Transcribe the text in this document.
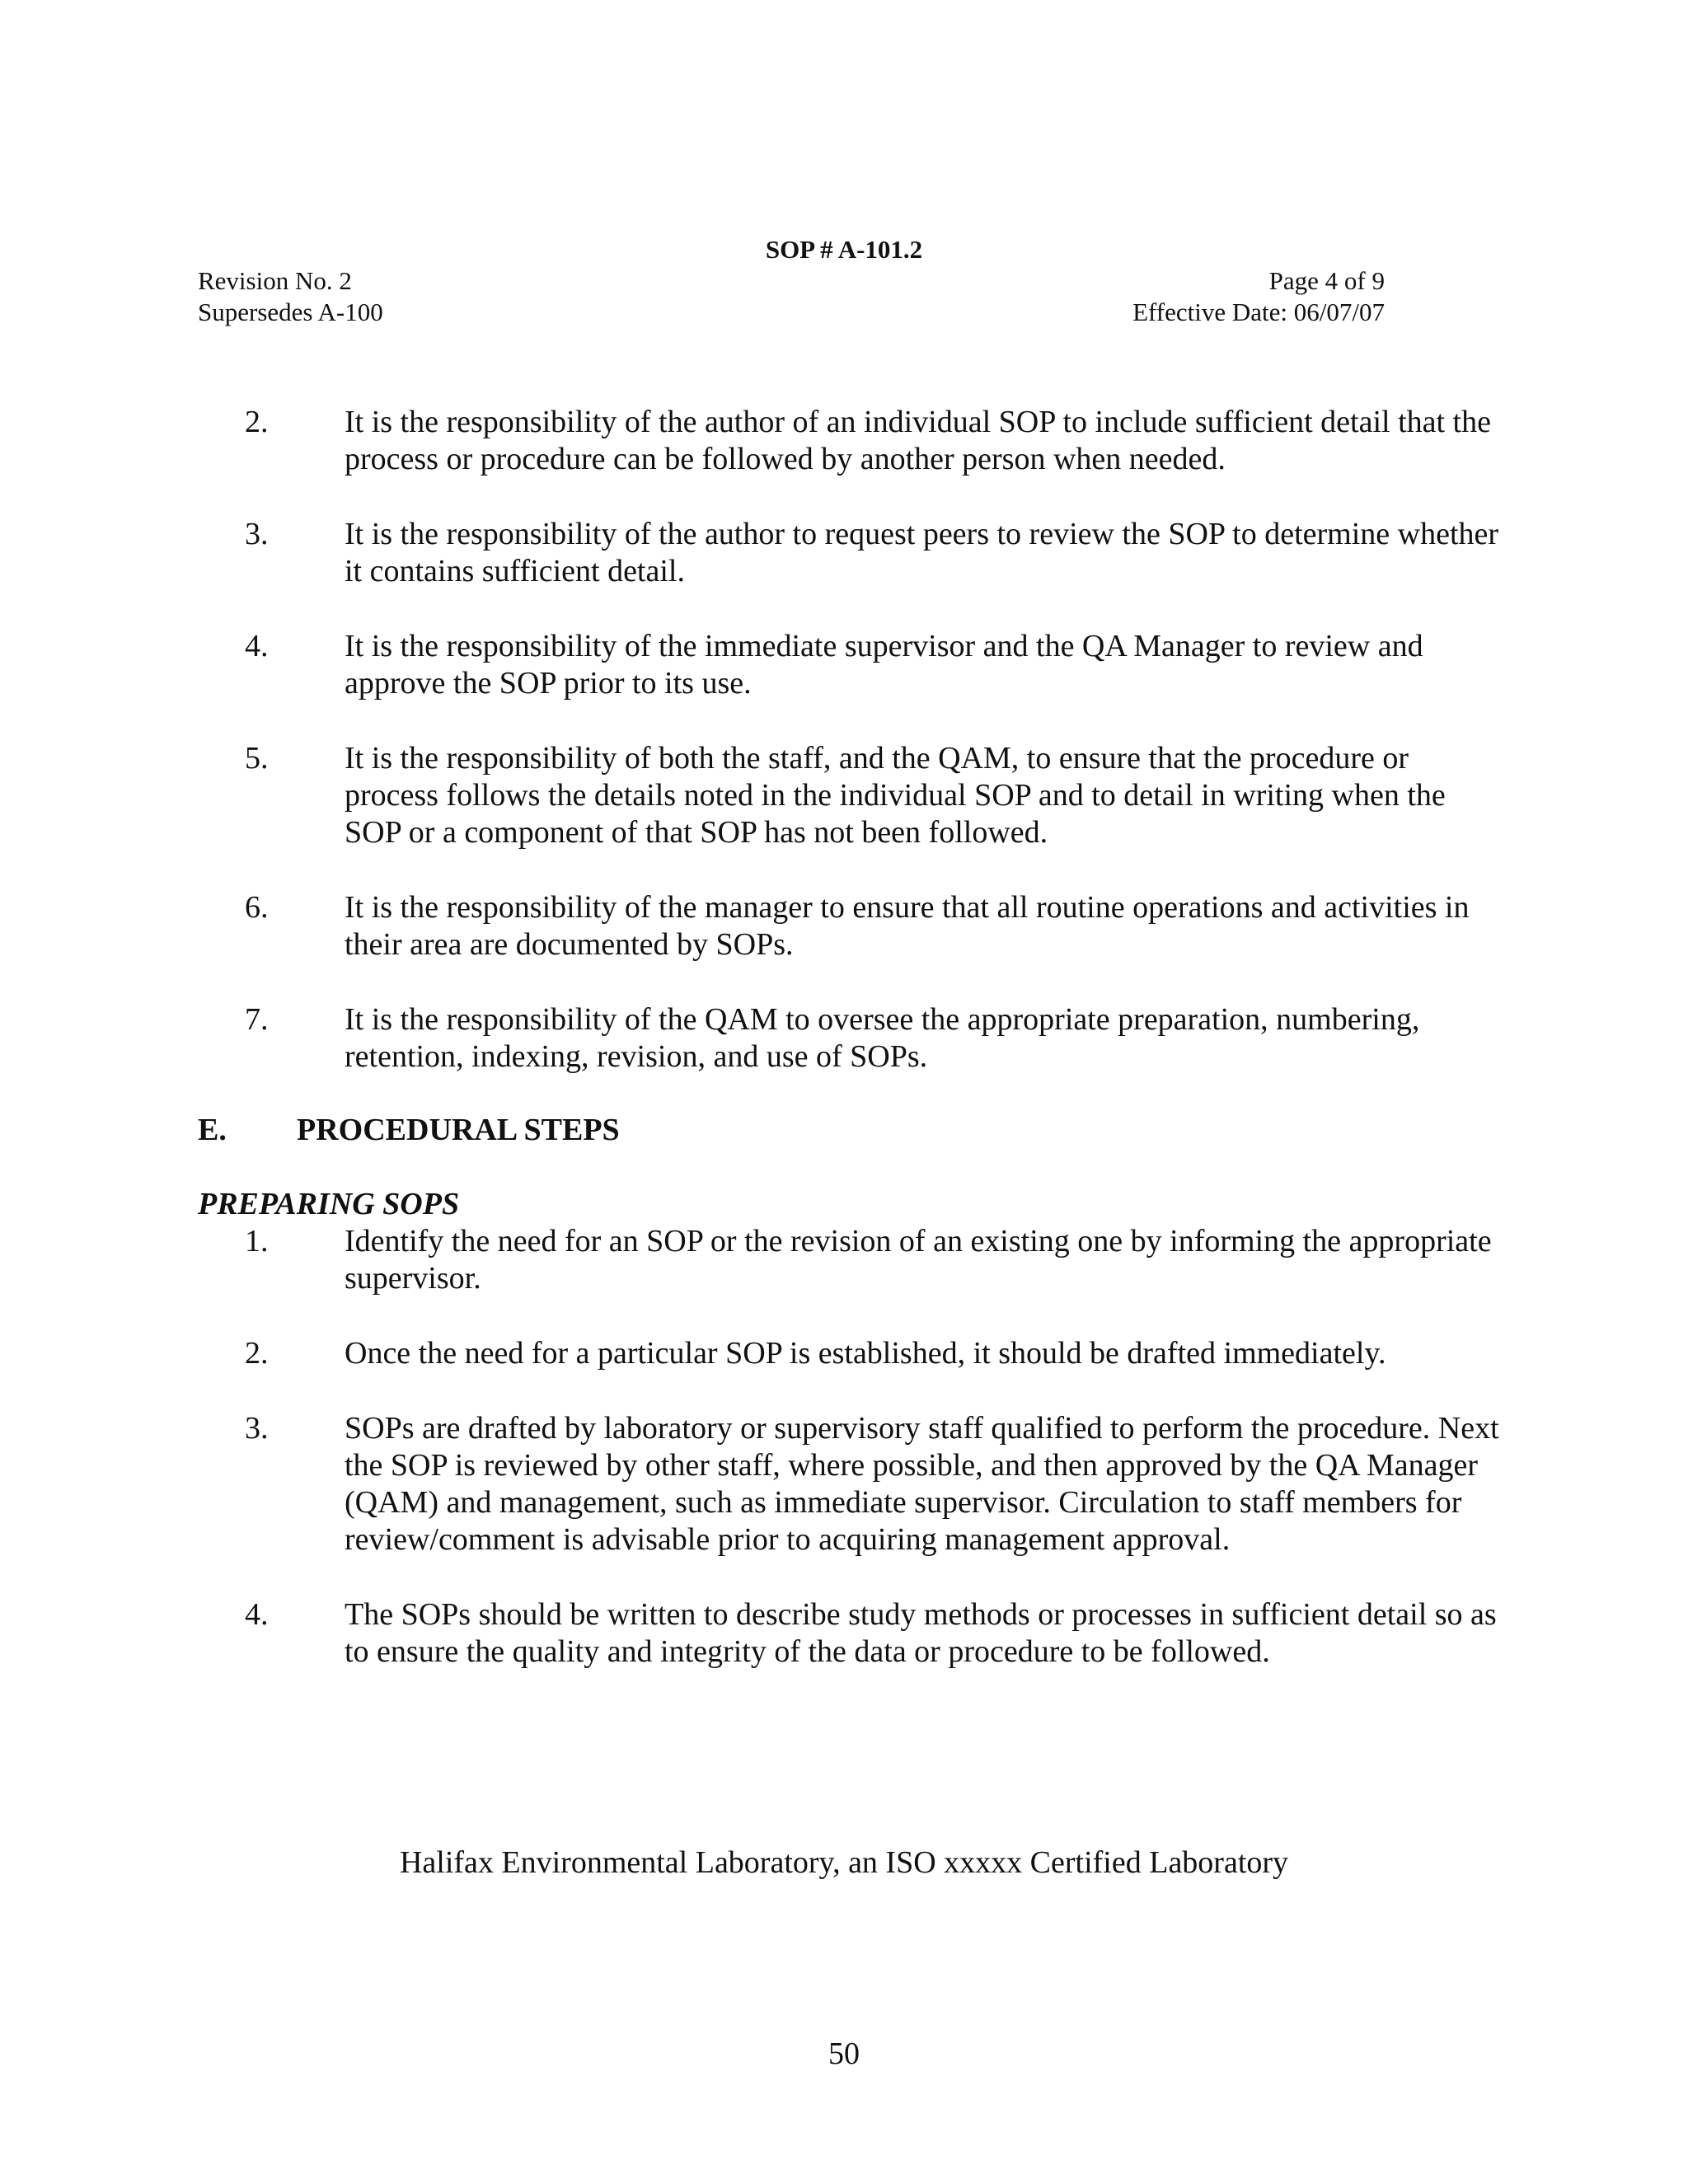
SOP # A-101.2

Revision No. 2	Page 4 of 9
Supersedes A-100	Effective Date: 06/07/07
2.	It is the responsibility of the author of an individual SOP to include sufficient detail that the process or procedure can be followed by another person when needed.
3.	It is the responsibility of the author to request peers to review the SOP to determine whether it contains sufficient detail.
4.	It is the responsibility of the immediate supervisor and the QA Manager to review and approve the SOP prior to its use.
5.	It is the responsibility of both the staff, and the QAM, to ensure that the procedure or process follows the details noted in the individual SOP and to detail in writing when the SOP or a component of that SOP has not been followed.
6.	It is the responsibility of the manager to ensure that all routine operations and activities in their area are documented by SOPs.
7.	It is the responsibility of the QAM to oversee the appropriate preparation, numbering, retention, indexing, revision, and use of SOPs.
E.	PROCEDURAL STEPS

PREPARING SOPS

1.	Identify the need for an SOP or the revision of an existing one by informing the appropriate supervisor.
2.	Once the need for a particular SOP is established, it should be drafted immediately.
3.	SOPs are drafted by laboratory or supervisory staff qualified to perform the procedure. Next the SOP is reviewed by other staff, where possible, and then approved by the QA Manager (QAM) and management, such as immediate supervisor. Circulation to staff members for review/comment is advisable prior to acquiring management approval.
4.	The SOPs should be written to describe study methods or processes in sufficient detail so as to ensure the quality and integrity of the data or procedure to be followed.
Halifax Environmental Laboratory, an ISO xxxxx Certified Laboratory
50
